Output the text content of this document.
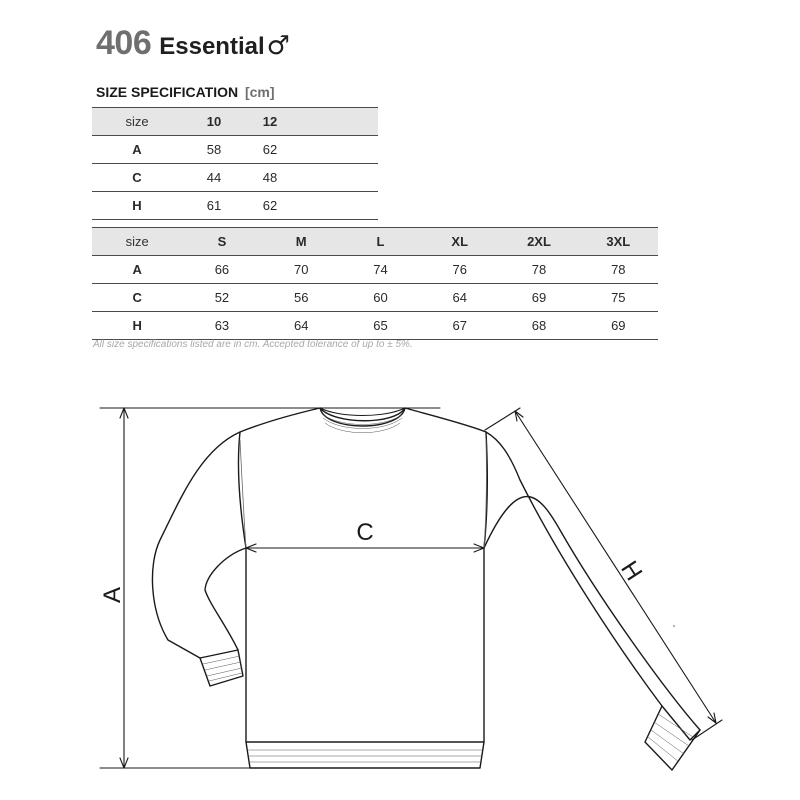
406 Essential ♂
SIZE SPECIFICATION [cm]
size	10	12
A	58	62
C	44	48
H	61	62
size	S	M	L	XL	2XL	3XL
A	66	70	74	76	78	78
C	52	56	60	64	69	75
H	63	64	65	67	68	69
All size specifications listed are in cm. Accepted tolerance of up to ± 5%.
A
C
H
